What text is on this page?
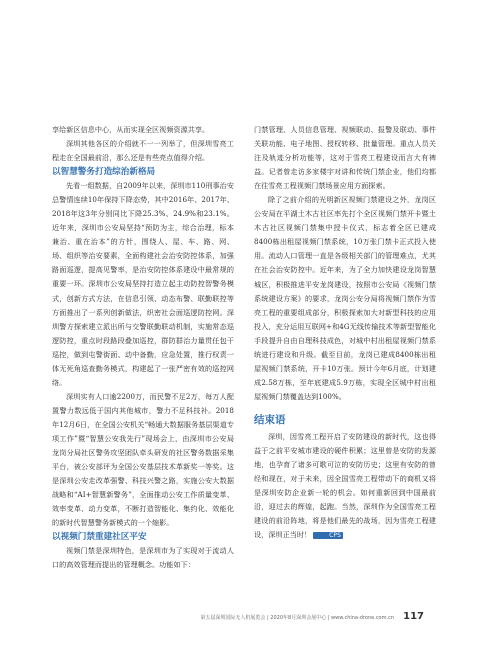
享给新区信息中心，从而实现全区视频资源共享。

深圳其他各区的介绍就不一一列举了，但深圳雪亮工程走在全国最前沿，那么还是有些亮点值得介绍。

以智慧警务打造综治新格局

先看一组数据，自2009年以来，深圳市110刑事治安总警情连续10年保持下降态势，其中2016年、2017年、2018年这3年分别同比下降25.3%、24.9%和23.1%。近年来，深圳市公安局坚持“预防为主，综合治理，标本兼治、重在治本”的方针，围绕人、屋、车、路、网、场、组织等治安要素，全面构建社会治安防控体系，加强路面巡逻，提高见警率，是治安防控体系建设中最常规的重要一环。深圳市公安局坚持打造立起主动防控智警务模式，创新方式方法，在信息引领、动态布警、联勤联控等方面推出了一系列创新做法，织密社会面巡逻防控网。深圳警方探索建立派出所与交警联勤联动机制，实施常态巡逻防控，重点时段路段叠加巡控，群防群治力量贯任包干巡控，做到屯警街面、动中备勤，应急处置，推行权责一体无死角巡查勤务模式，构建起了一张严密有效的巡控网络。

深圳实有人口逾2200万，而民警不足2万，每万人配置警力数远低于国内其他城市，警力不足科技补。2018年12月6日，在全国公安机关“畅通大数据服务基层渠道专项工作”暨“智慧公安我先行”现场会上，由深圳市公安局龙岗分局社区警务攻坚团队牵头研发的社区警务数据采集平台，被公安部评为全国公安基层技术革新奖一等奖。这是深圳公安走改革强警、科技兴警之路，实施公安大数据战略和“AI+智慧新警务”，全面推动公安工作质量变革、效率变革、动力变革，不断打造智能化、集约化、效能化的新时代智慧警务新模式的一个缩影。

以视频门禁重建社区平安

视频门禁是深圳特色，是深圳市为了实现对于流动人口的高效管理而提出的管理概念。功能如下：

门禁管理、人员信息管理、视频联动、报警及联动、事件关联功能、电子地图、授权转移、批量管理。重点人员关注及轨迹分析功能等，这对于雪亮工程建设而言大有裨益。记者曾走访多家楼宇对讲和传统门禁企业，他们均都在往雪亮工程视频门禁场景应用方面探索。

除了之前介绍的光明新区视频门禁建设之外，龙岗区公安局在平湖土木古社区率先打个全区视频门禁开卡暨土木古社区视频门禁集中授卡仪式，标志着全区已建成8400栋出租屋视频门禁系统，10万张门禁卡正式投入使用。流动人口管理一直是各级相关部门的管理难点，尤其在社会治安防控中。近年来，为了全力加快建设龙岗智慧城区，积极推进平安龙岗建设，按照市公安局《视频门禁系统建设方案》的要求，龙岗公安分局将视频门禁作为雪亮工程的重要组成部分，积极探索加大对新型科技的应用投入，充分运用互联网+和4G无线传输技术等新型智能化手段提升自由自理科技成色，对城中村出租屋视频门禁系统进行建设和升级。截至目前，龙岗已建成8400栋出租屋视频门禁系统，开卡10万张。预计今年6月底，计划建成2.58万栋，至年底建成5.9万栋，实现全区城中村出租屋视频门禁覆盖达到100%。

结束语

深圳，因雪亮工程开启了安防建设的新时代，这也得益于之前平安城市建设的硬件积累；这里曾是安防的发源地，也孕育了诸多可歌可泣的安防历史；这里有安防的曾经和现在，对于未来，因全国雪亮工程带动下的商机又将是深圳安防企业新一轮的机会。如何重新回到中国最前沿，迎过去的辉煌，起跑。当然，深圳作为全国雪亮工程建设的前沿阵地，将是他们最先的战场，因为雪亮工程建设，深圳正当时！	CPS

第五届深圳国际无人机展览会 | 2020年8月深圳会展中心 | www.china-drone.com.cn 117
